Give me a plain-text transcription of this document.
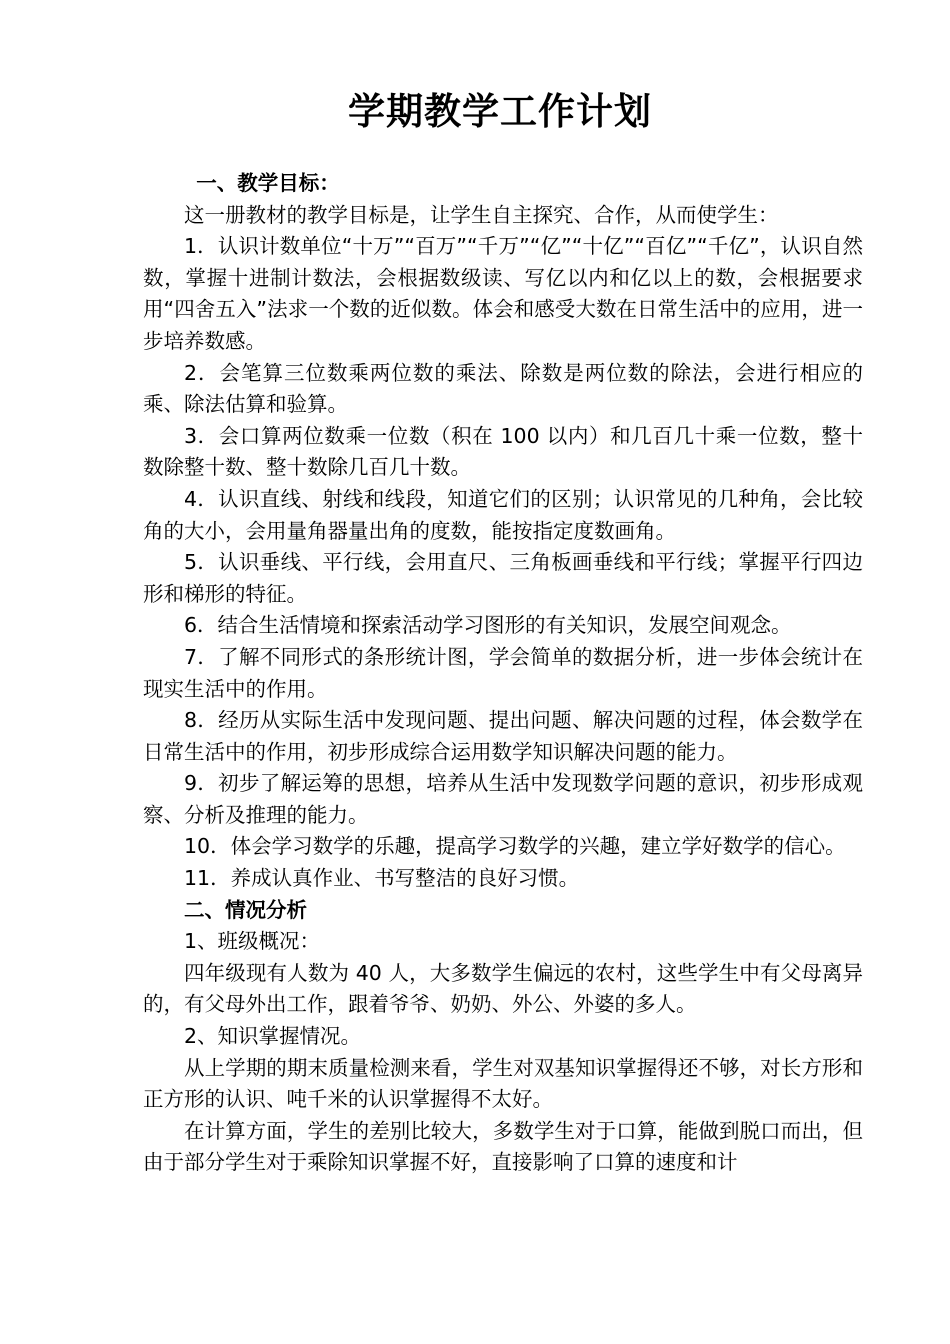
学期教学工作计划

一、教学目标：

这一册教材的教学目标是，让学生自主探究、合作，从而使学生：

1．认识计数单位“十万”“百万”“千万”“亿”“十亿”“百亿”“千亿”，认识自然数，掌握十进制计数法，会根据数级读、写亿以内和亿以上的数，会根据要求用“四舍五入”法求一个数的近似数。体会和感受大数在日常生活中的应用，进一步培养数感。

2．会笔算三位数乘两位数的乘法、除数是两位数的除法，会进行相应的乘、除法估算和验算。

3．会口算两位数乘一位数（积在 100 以内）和几百几十乘一位数，整十数除整十数、整十数除几百几十数。

4．认识直线、射线和线段，知道它们的区别；认识常见的几种角，会比较角的大小，会用量角器量出角的度数，能按指定度数画角。

5．认识垂线、平行线，会用直尺、三角板画垂线和平行线；掌握平行四边形和梯形的特征。

6．结合生活情境和探索活动学习图形的有关知识，发展空间观念。

7．了解不同形式的条形统计图，学会简单的数据分析，进一步体会统计在现实生活中的作用。

8．经历从实际生活中发现问题、提出问题、解决问题的过程，体会数学在日常生活中的作用，初步形成综合运用数学知识解决问题的能力。

9．初步了解运筹的思想，培养从生活中发现数学问题的意识，初步形成观察、分析及推理的能力。

10．体会学习数学的乐趣，提高学习数学的兴趣，建立学好数学的信心。

11．养成认真作业、书写整洁的良好习惯。

二、情况分析

1、班级概况：

四年级现有人数为 40 人，大多数学生偏远的农村，这些学生中有父母离异的，有父母外出工作，跟着爷爷、奶奶、外公、外婆的多人。

2、知识掌握情况。

从上学期的期末质量检测来看，学生对双基知识掌握得还不够，对长方形和正方形的认识、吨千米的认识掌握得不太好。

在计算方面，学生的差别比较大，多数学生对于口算，能做到脱口而出，但由于部分学生对于乘除知识掌握不好，直接影响了口算的速度和计
